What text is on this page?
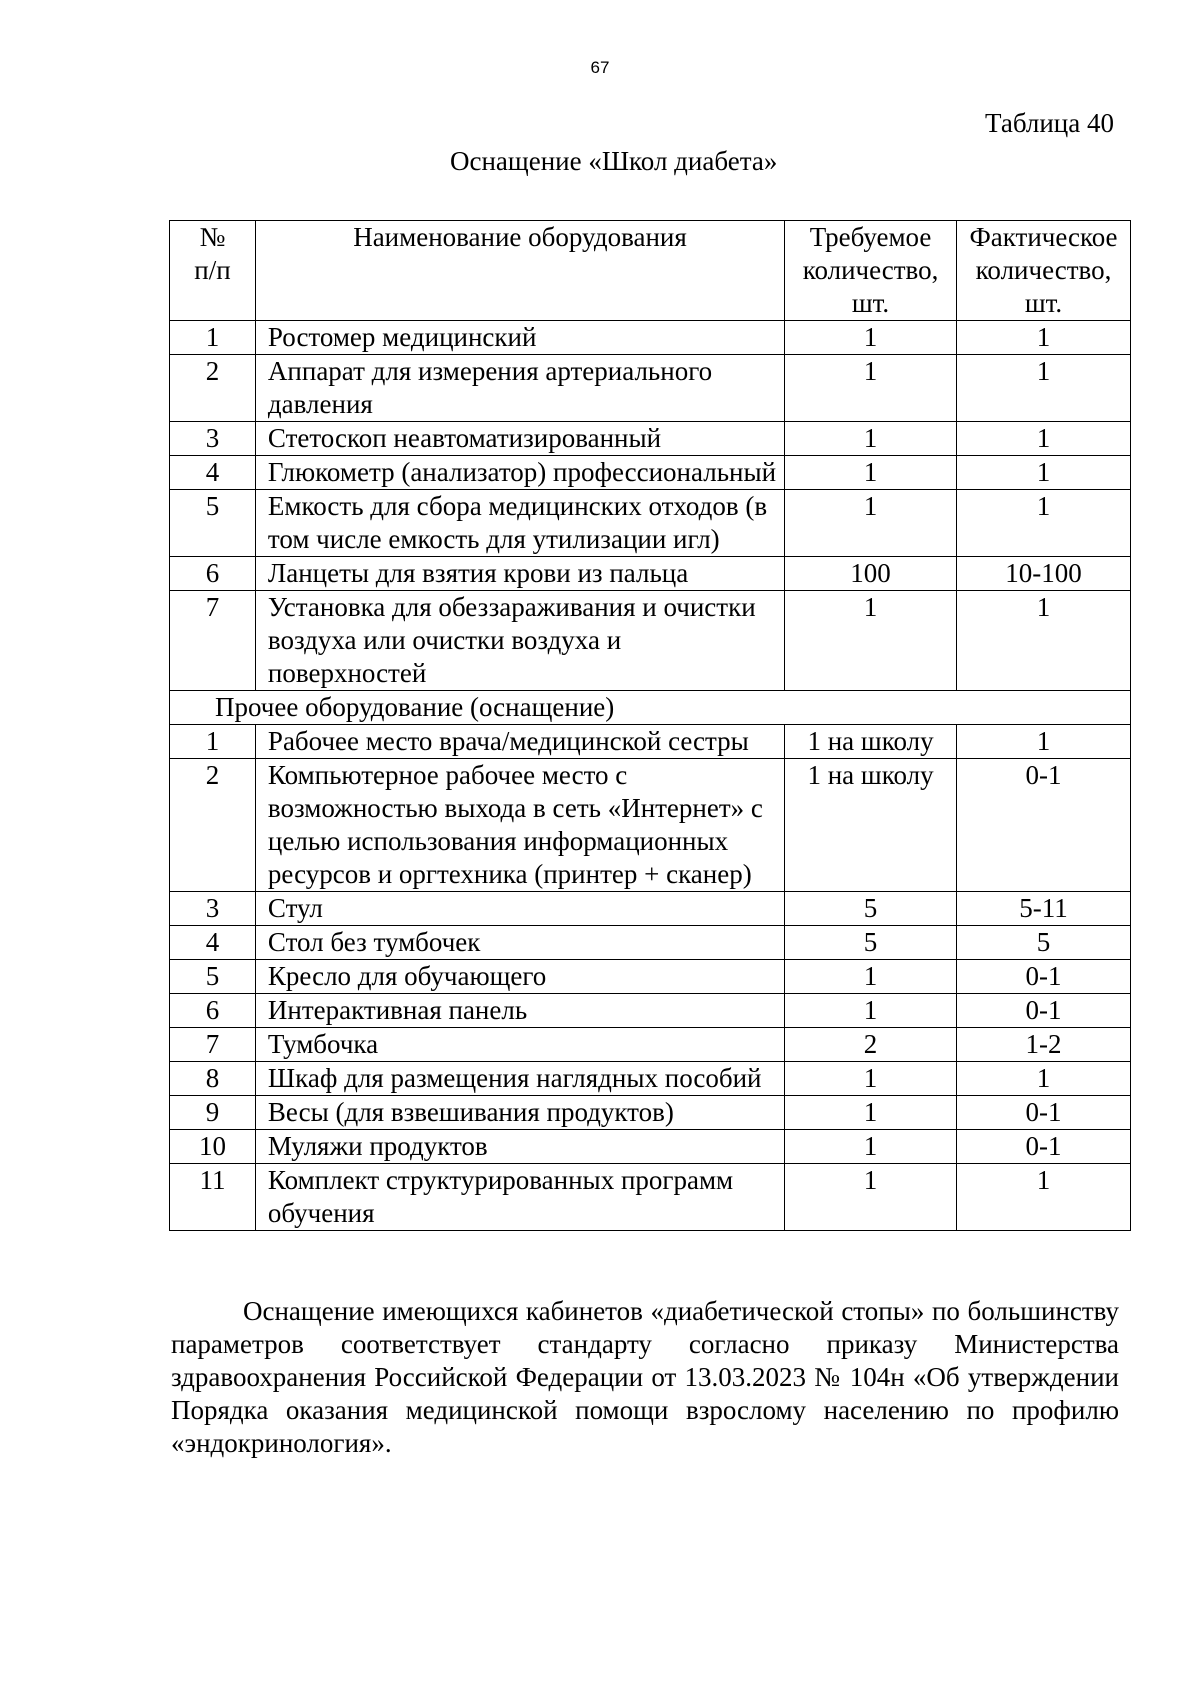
67
Таблица 40
Оснащение «Школ диабета»
№ п/п	Наименование оборудования	Требуемое количество, шт.	Фактическое количество, шт.
1	Ростомер медицинский	1	1
2	Аппарат для измерения артериального давления	1	1
3	Стетоскоп неавтоматизированный	1	1
4	Глюкометр (анализатор) профессиональный	1	1
5	Емкость для сбора медицинских отходов (в том числе емкость для утилизации игл)	1	1
6	Ланцеты для взятия крови из пальца	100	10-100
7	Установка для обеззараживания и очистки воздуха или очистки воздуха и поверхностей	1	1
Прочее оборудование (оснащение)			
1	Рабочее место врача/медицинской сестры	1 на школу	1
2	Компьютерное рабочее место с возможностью выхода в сеть «Интернет» с целью использования информационных ресурсов и оргтехника (принтер + сканер)	1 на школу	0-1
3	Стул	5	5-11
4	Стол без тумбочек	5	5
5	Кресло для обучающего	1	0-1
6	Интерактивная панель	1	0-1
7	Тумбочка	2	1-2
8	Шкаф для размещения наглядных пособий	1	1
9	Весы (для взвешивания продуктов)	1	0-1
10	Муляжи продуктов	1	0-1
11	Комплект структурированных программ обучения	1	1
Оснащение имеющихся кабинетов «диабетической стопы» по большинству параметров соответствует стандарту согласно приказу Министерства здравоохранения Российской Федерации от 13.03.2023 № 104н «Об утверждении Порядка оказания медицинской помощи взрослому населению по профилю «эндокринология».
